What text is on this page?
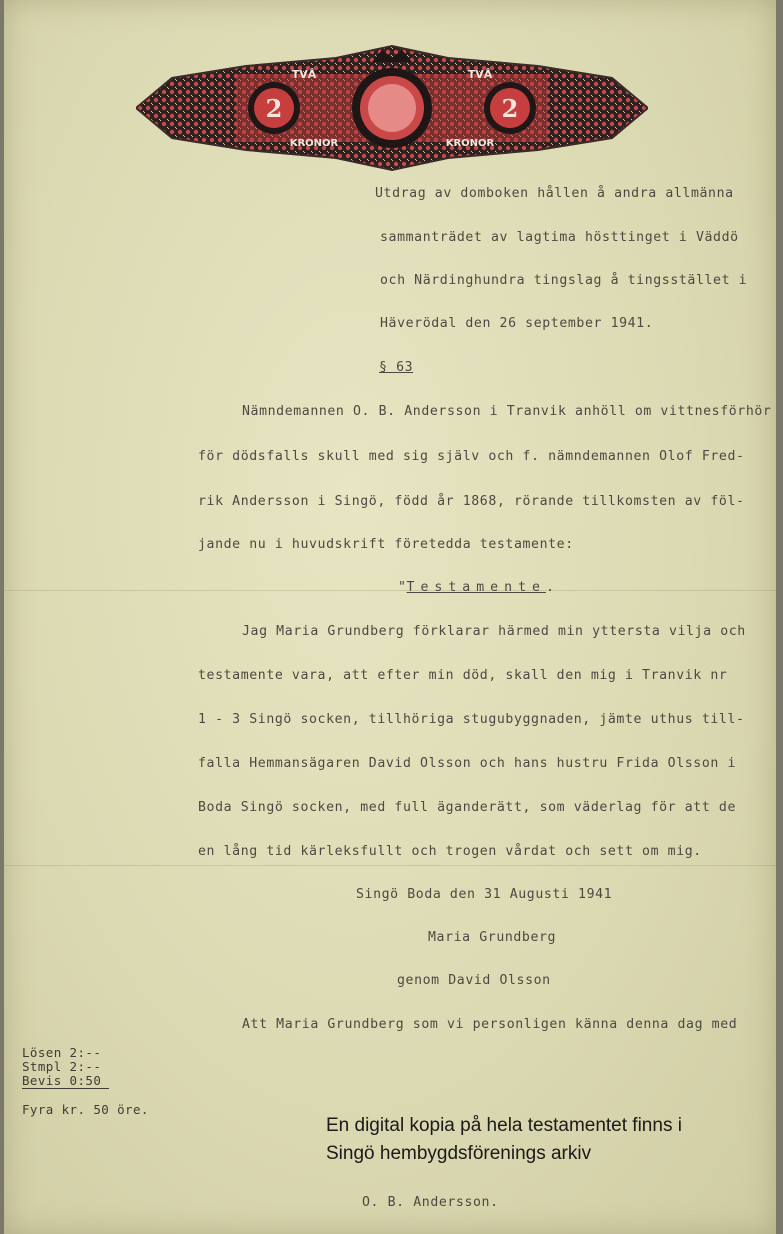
2	2
TVÅ	TVÅ
KRONOR	KRONOR
Utdrag av domboken hållen å andra allmänna
sammanträdet av lagtima hösttinget i Väddö
och Närdinghundra tingslag å tingsstället i
Häverödal den 26 september 1941.
§ 63
Nämndemannen O. B. Andersson i Tranvik anhöll om vittnesförhör
för dödsfalls skull med sig själv och f. nämndemannen Olof Fred-
rik Andersson i Singö, född år 1868, rörande tillkomsten av föl-
jande nu i huvudskrift företedda testamente:
"Testamente.
Jag Maria Grundberg förklarar härmed min yttersta vilja och
testamente vara, att efter min död, skall den mig i Tranvik nr
1 - 3 Singö socken, tillhöriga stugubyggnaden, jämte uthus till-
falla Hemmansägaren David Olsson och hans hustru Frida Olsson i
Boda Singö socken, med full äganderätt, som väderlag för att de
en lång tid kärleksfullt och trogen vårdat och sett om mig.
Singö Boda den 31 Augusti 1941
Maria Grundberg
genom David Olsson
Att Maria Grundberg som vi personligen känna denna dag med
Lösen 2:--
Stmpl 2:--
Bevis 0:50
Fyra kr. 50 öre.
En digital kopia på hela testamentet finns i
Singö hembygdsförenings arkiv
O. B. Andersson.
